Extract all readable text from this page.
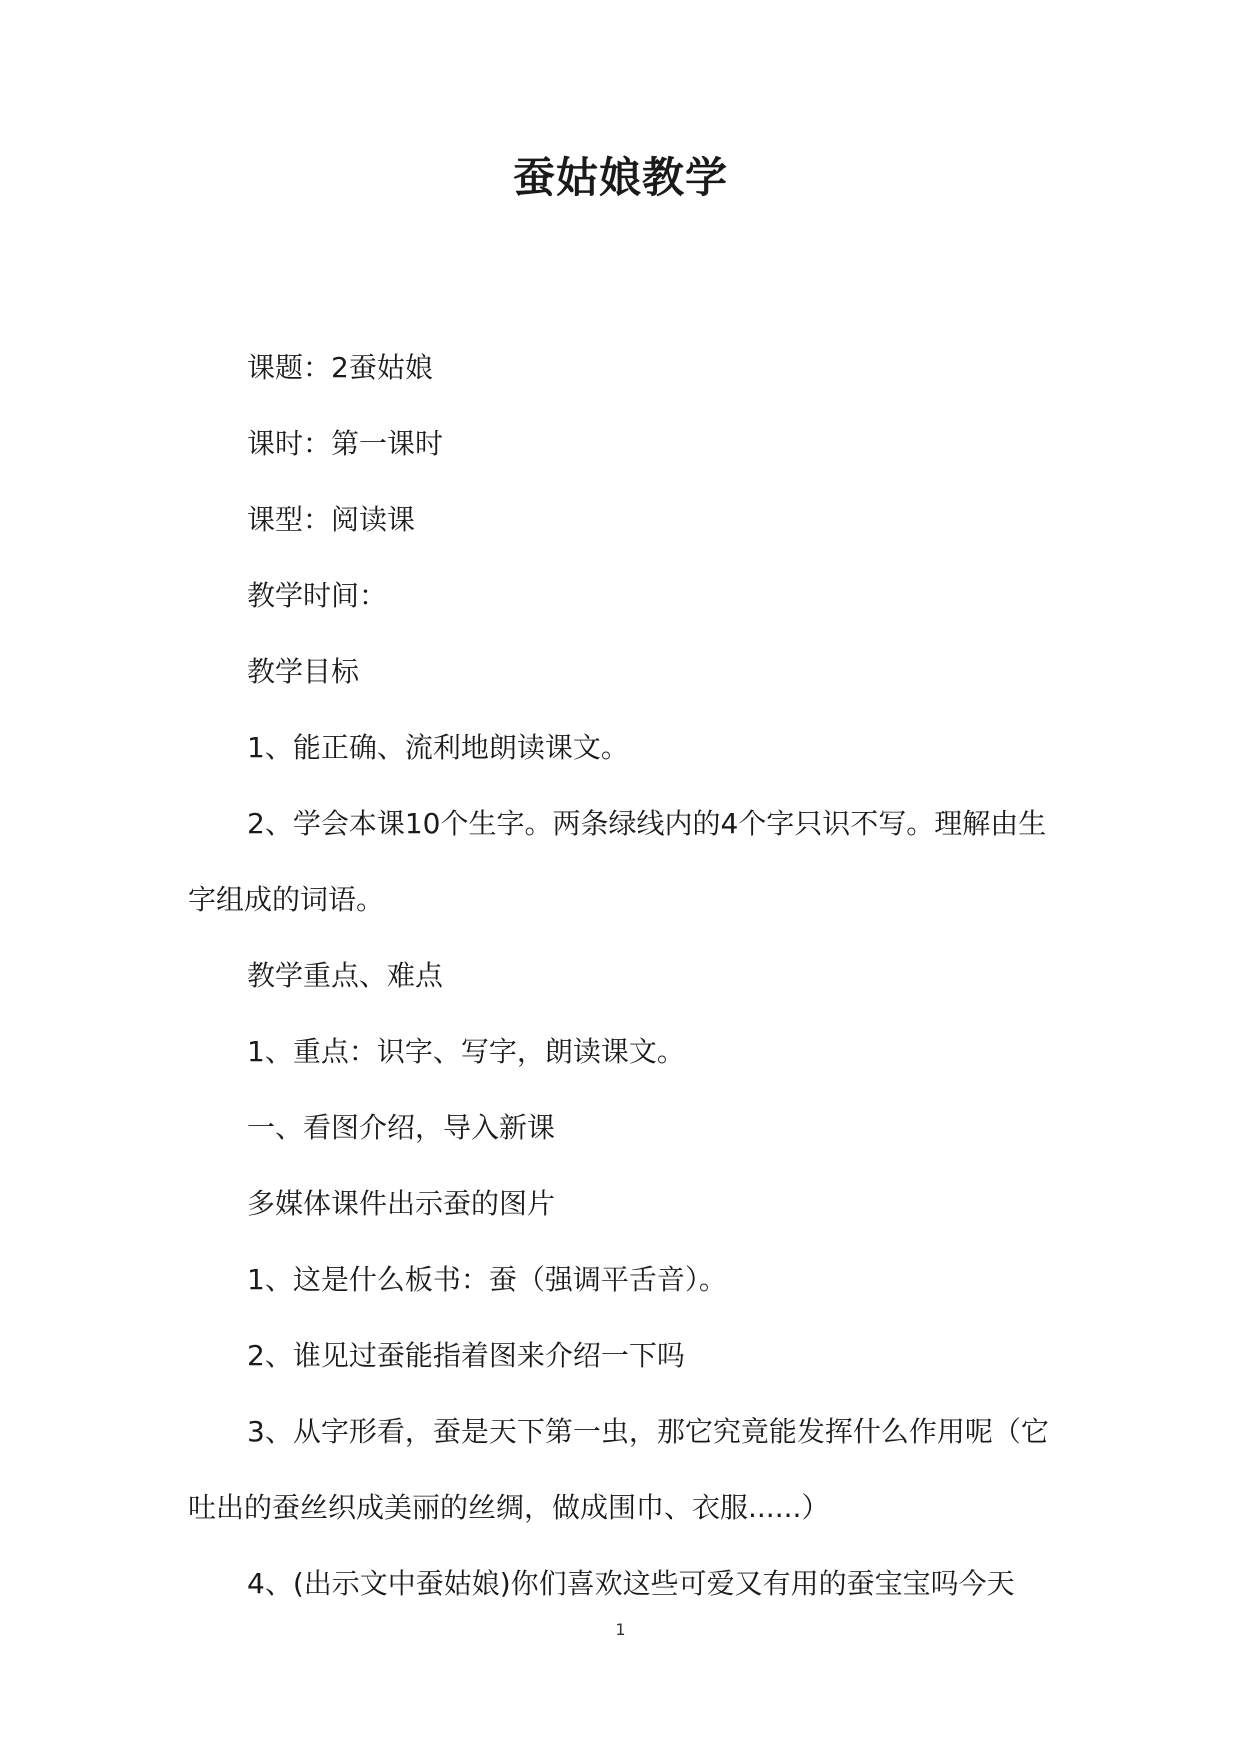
蚕姑娘教学

课题：2蚕姑娘

课时：第一课时

课型：阅读课

教学时间：

教学目标

1、能正确、流利地朗读课文。

2、学会本课10个生字。两条绿线内的4个字只识不写。理解由生字组成的词语。

教学重点、难点

1、重点：识字、写字，朗读课文。

一、看图介绍，导入新课

多媒体课件出示蚕的图片

1、这是什么板书：蚕（强调平舌音）。

2、谁见过蚕能指着图来介绍一下吗

3、从字形看，蚕是天下第一虫，那它究竟能发挥什么作用呢（它吐出的蚕丝织成美丽的丝绸，做成围巾、衣服......）

4、(出示文中蚕姑娘)你们喜欢这些可爱又有用的蚕宝宝吗今天

1
